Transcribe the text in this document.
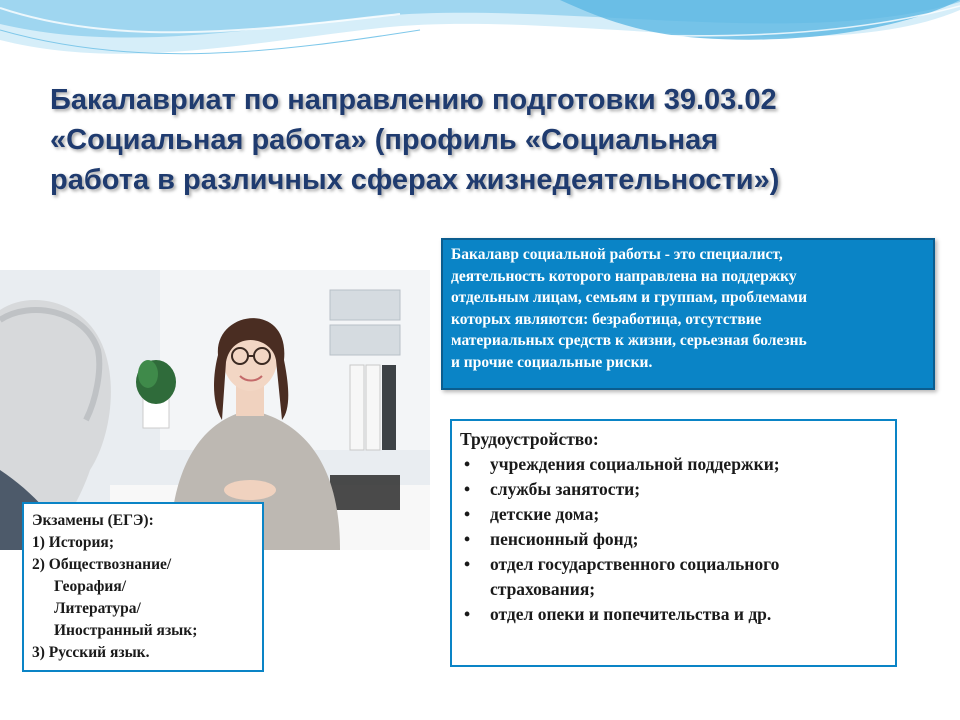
Бакалавриат по направлению подготовки 39.03.02
«Социальная работа» (профиль «Социальная
работа в различных сферах жизнедеятельности»)
Бакалавр социальной работы - это специалист,
деятельность которого направлена на поддержку
отдельным лицам, семьям и группам, проблемами
которых являются: безработица, отсутствие
материальных средств к жизни, серьезная болезнь
и прочие социальные риски.
Трудоустройство:
• учреждения социальной поддержки;
• службы занятости;
• детские дома;
• пенсионный фонд;
• отдел государственного социального
страхования;
• отдел опеки и попечительства и др.
Экзамены (ЕГЭ):
1) История;
2) Обществознание/
Георафия/
Литература/
Иностранный язык;
3) Русский язык.
